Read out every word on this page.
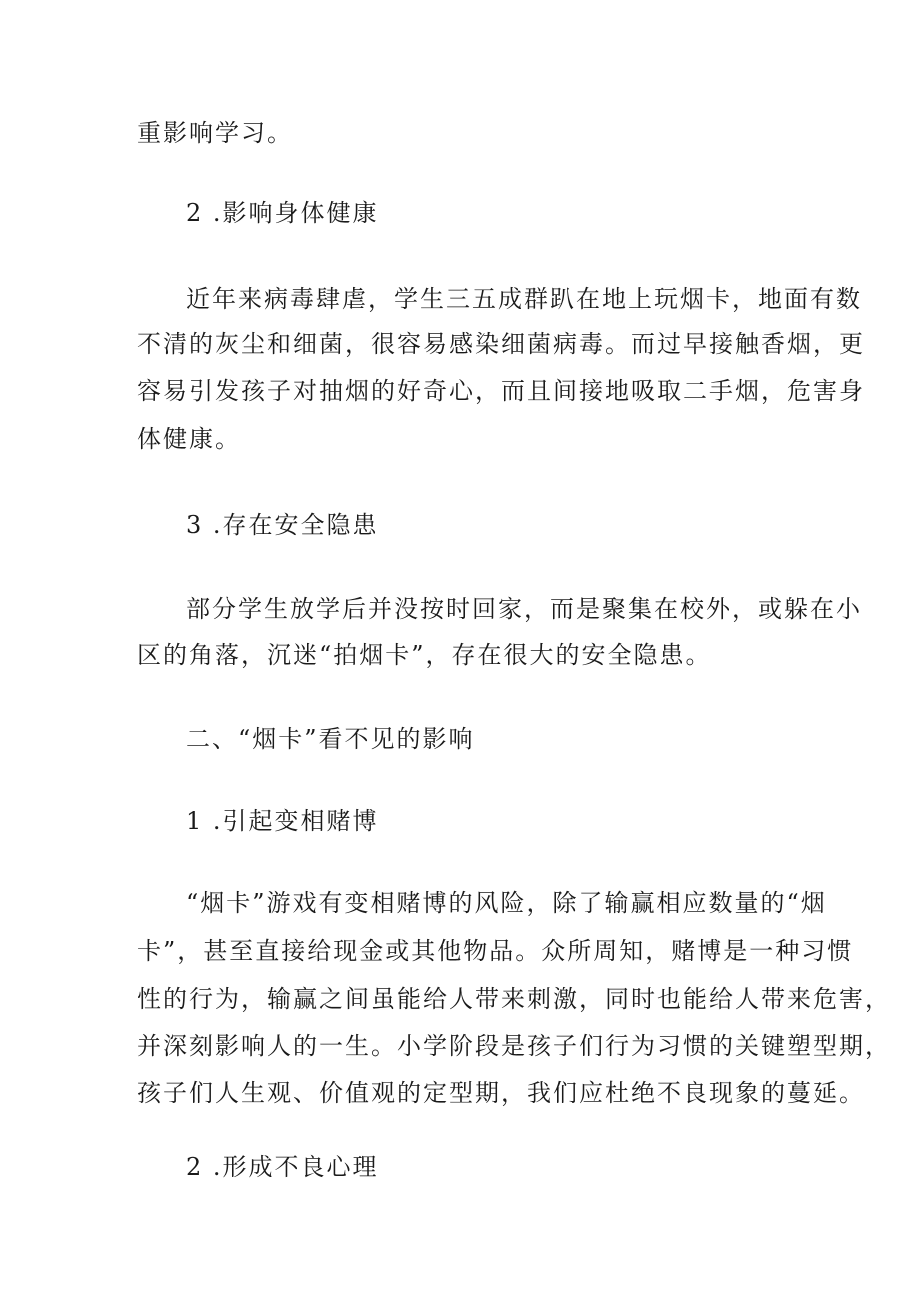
重影响学习。
2 .影响身体健康
近年来病毒肆虐，学生三五成群趴在地上玩烟卡，地面有数
不清的灰尘和细菌，很容易感染细菌病毒。而过早接触香烟，更
容易引发孩子对抽烟的好奇心，而且间接地吸取二手烟，危害身
体健康。
3 .存在安全隐患
部分学生放学后并没按时回家，而是聚集在校外，或躲在小
区的角落，沉迷“拍烟卡”，存在很大的安全隐患。
二、“烟卡”看不见的影响
1 .引起变相赌博
“烟卡”游戏有变相赌博的风险，除了输赢相应数量的“烟
卡”，甚至直接给现金或其他物品。众所周知，赌博是一种习惯
性的行为，输赢之间虽能给人带来刺激，同时也能给人带来危害，
并深刻影响人的一生。小学阶段是孩子们行为习惯的关键塑型期，
孩子们人生观、价值观的定型期，我们应杜绝不良现象的蔓延。
2 .形成不良心理
